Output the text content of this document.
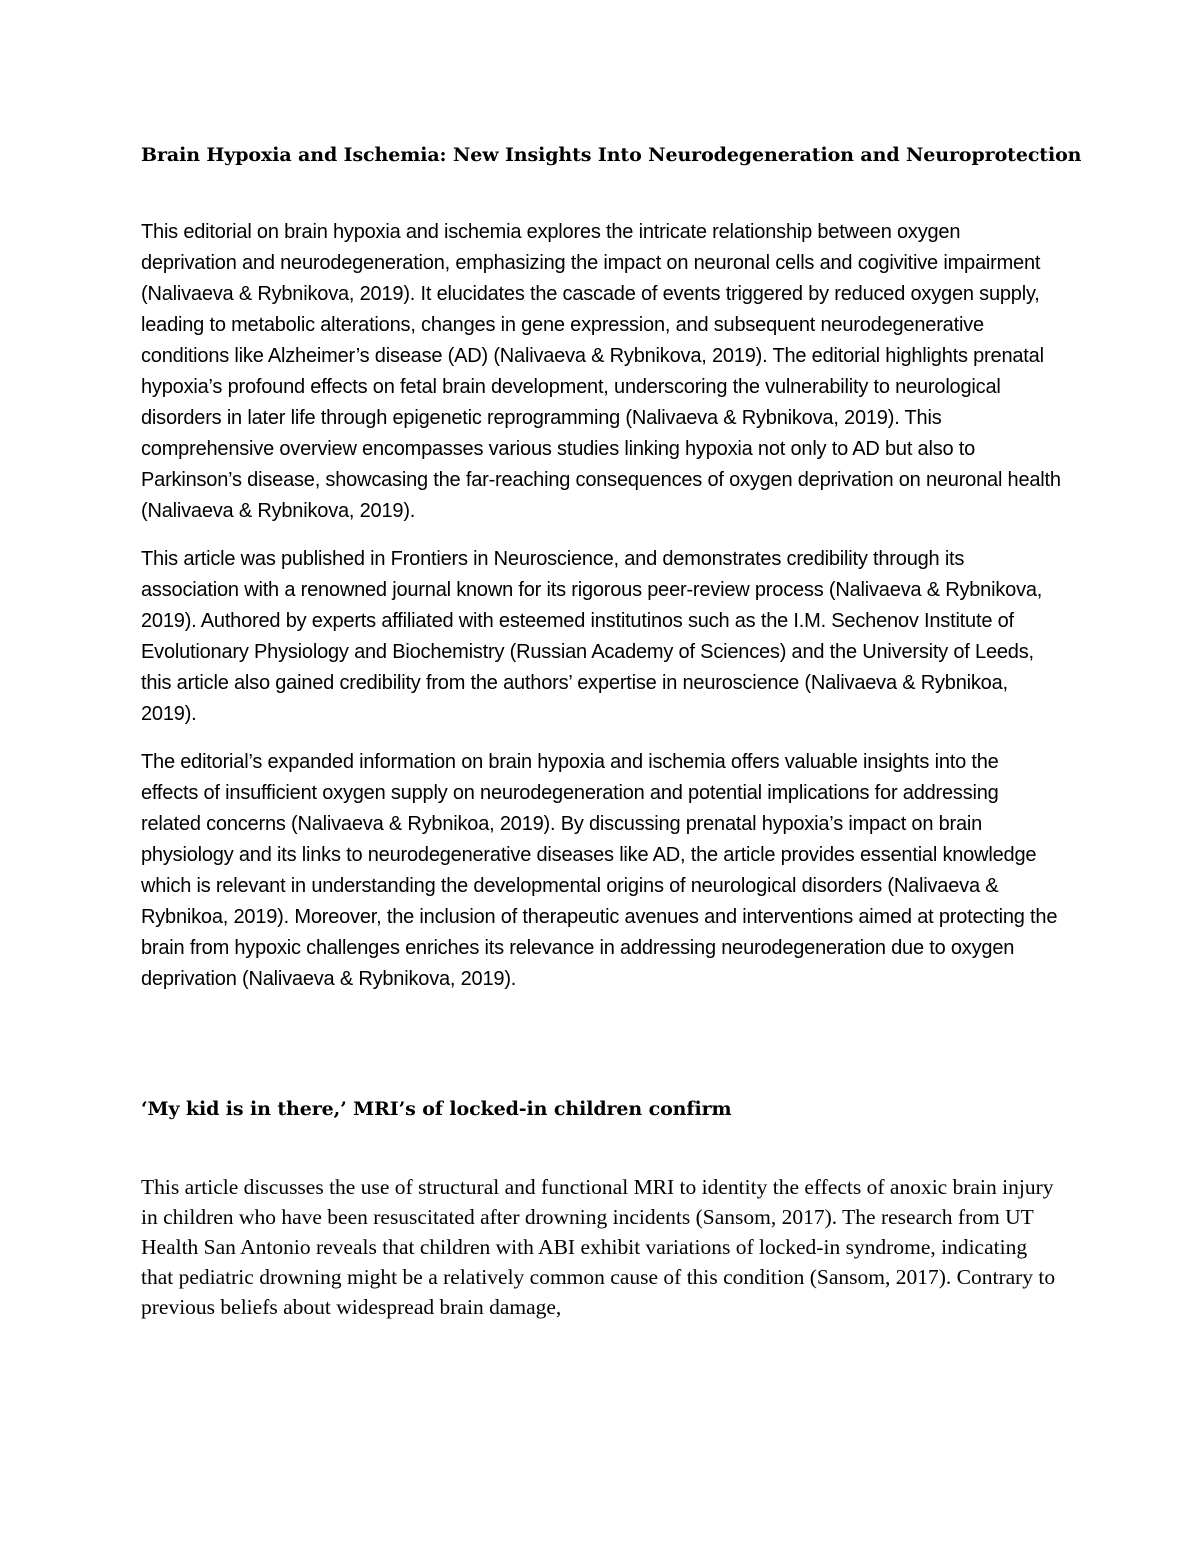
Brain Hypoxia and Ischemia: New Insights Into Neurodegeneration and Neuroprotection

This editorial on brain hypoxia and ischemia explores the intricate relationship between oxygen deprivation and neurodegeneration, emphasizing the impact on neuronal cells and cogivitive impairment (Nalivaeva & Rybnikova, 2019). It elucidates the cascade of events triggered by reduced oxygen supply, leading to metabolic alterations, changes in gene expression, and subsequent neurodegenerative conditions like Alzheimer’s disease (AD) (Nalivaeva & Rybnikova, 2019). The editorial highlights prenatal hypoxia’s profound effects on fetal brain development, underscoring the vulnerability to neurological disorders in later life through epigenetic reprogramming (Nalivaeva & Rybnikova, 2019). This comprehensive overview encompasses various studies linking hypoxia not only to AD but also to Parkinson’s disease, showcasing the far-reaching consequences of oxygen deprivation on neuronal health (Nalivaeva & Rybnikova, 2019).

This article was published in Frontiers in Neuroscience, and demonstrates credibility through its association with a renowned journal known for its rigorous peer-review process (Nalivaeva & Rybnikova, 2019). Authored by experts affiliated with esteemed institutinos such as the I.M. Sechenov Institute of Evolutionary Physiology and Biochemistry (Russian Academy of Sciences) and the University of Leeds, this article also gained credibility from the authors’ expertise in neuroscience (Nalivaeva & Rybnikoa, 2019).

The editorial’s expanded information on brain hypoxia and ischemia offers valuable insights into the effects of insufficient oxygen supply on neurodegeneration and potential implications for addressing related concerns (Nalivaeva & Rybnikoa, 2019). By discussing prenatal hypoxia’s impact on brain physiology and its links to neurodegenerative diseases like AD, the article provides essential knowledge which is relevant in understanding the developmental origins of neurological disorders (Nalivaeva & Rybnikoa, 2019). Moreover, the inclusion of therapeutic avenues and interventions aimed at protecting the brain from hypoxic challenges enriches its relevance in addressing neurodegeneration due to oxygen deprivation (Nalivaeva & Rybnikova, 2019).

‘My kid is in there,’ MRI’s of locked-in children confirm

This article discusses the use of structural and functional MRI to identity the effects of anoxic brain injury in children who have been resuscitated after drowning incidents (Sansom, 2017). The research from UT Health San Antonio reveals that children with ABI exhibit variations of locked-in syndrome, indicating that pediatric drowning might be a relatively common cause of this condition (Sansom, 2017). Contrary to previous beliefs about widespread brain damage,
